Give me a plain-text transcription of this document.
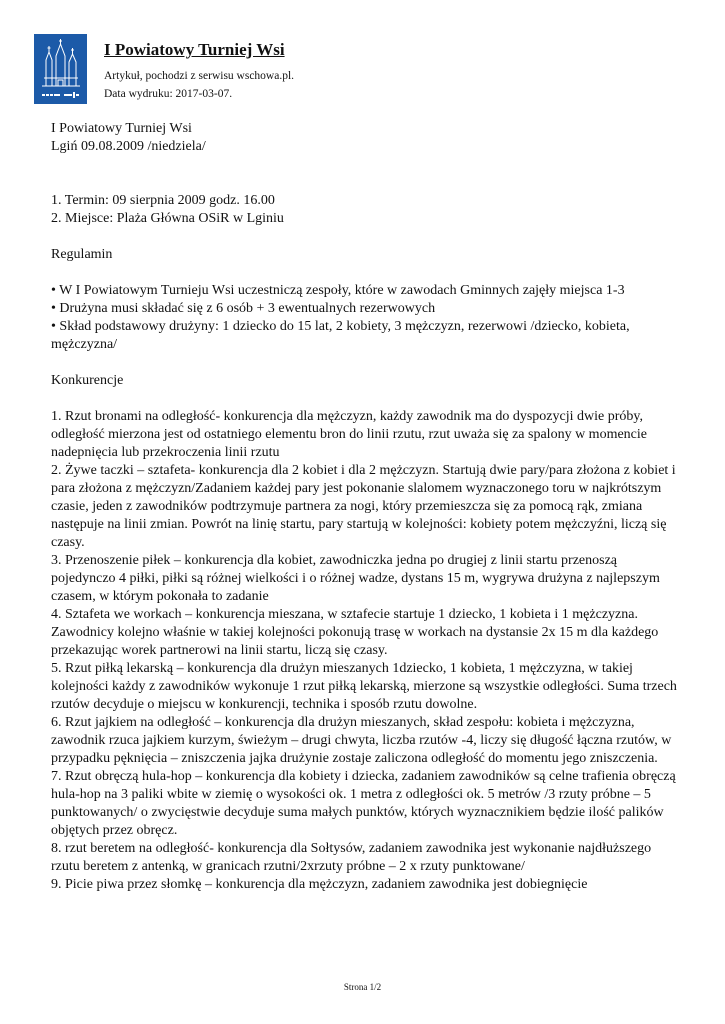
I Powiatowy Turniej Wsi
Artykuł, pochodzi z serwisu wschowa.pl.
Data wydruku: 2017-03-07.

I Powiatowy Turniej Wsi

Lgiń 09.08.2009 /niedziela/

1. Termin: 09 sierpnia 2009 godz. 16.00

2. Miejsce: Plaża Główna OSiR w Lginiu

Regulamin

• W I Powiatowym Turnieju Wsi uczestniczą zespoły, które w zawodach Gminnych zajęły miejsca 1-3

• Drużyna musi składać się z 6 osób + 3 ewentualnych rezerwowych

• Skład podstawowy drużyny: 1 dziecko do 15 lat, 2 kobiety, 3 mężczyzn, rezerwowi /dziecko, kobieta, mężczyzna/

Konkurencje

1. Rzut bronami na odległość- konkurencja dla mężczyzn, każdy zawodnik ma do dyspozycji dwie próby, odległość mierzona jest od ostatniego elementu bron do linii rzutu, rzut uważa się za spalony w momencie nadepnięcia lub przekroczenia linii rzutu

2. Żywe taczki – sztafeta- konkurencja dla 2 kobiet i dla 2 mężczyzn. Startują dwie pary/para złożona z kobiet i para złożona z mężczyzn/Zadaniem każdej pary jest pokonanie slalomem wyznaczonego toru w najkrótszym czasie, jeden z zawodników podtrzymuje partnera za nogi, który przemieszcza się za pomocą rąk, zmiana następuje na linii zmian. Powrót na linię startu, pary startują w kolejności: kobiety potem mężczyźni, liczą się czasy.

3. Przenoszenie piłek – konkurencja dla kobiet, zawodniczka jedna po drugiej z linii startu przenoszą pojedynczo 4 piłki, piłki są różnej wielkości i o różnej wadze, dystans 15 m, wygrywa drużyna z najlepszym czasem, w którym pokonała to zadanie

4. Sztafeta we workach – konkurencja mieszana, w sztafecie startuje 1 dziecko, 1 kobieta i 1 mężczyzna. Zawodnicy kolejno właśnie w takiej kolejności pokonują trasę w workach na dystansie 2x 15 m dla każdego przekazując worek partnerowi na linii startu, liczą się czasy.

5. Rzut piłką lekarską – konkurencja dla drużyn mieszanych 1dziecko, 1 kobieta, 1 mężczyzna, w takiej kolejności każdy z zawodników wykonuje 1 rzut piłką lekarską, mierzone są wszystkie odległości. Suma trzech rzutów decyduje o miejscu w konkurencji, technika i sposób rzutu dowolne.

6. Rzut jajkiem na odległość – konkurencja dla drużyn mieszanych, skład zespołu: kobieta i mężczyzna, zawodnik rzuca jajkiem kurzym, świeżym – drugi chwyta, liczba rzutów -4, liczy się długość łączna rzutów, w przypadku pęknięcia – zniszczenia jajka drużynie zostaje zaliczona odległość do momentu jego zniszczenia.

7. Rzut obręczą hula-hop – konkurencja dla kobiety i dziecka, zadaniem zawodników są celne trafienia obręczą hula-hop na 3 paliki wbite w ziemię o wysokości ok. 1 metra z odległości ok. 5 metrów /3 rzuty próbne – 5 punktowanych/ o zwycięstwie decyduje suma małych punktów, których wyznacznikiem będzie ilość palików objętych przez obręcz.

8. rzut beretem na odległość- konkurencja dla Sołtysów, zadaniem zawodnika jest wykonanie najdłuższego rzutu beretem z antenką, w granicach rzutni/2xrzuty próbne – 2 x rzuty punktowane/

9. Picie piwa przez słomkę – konkurencja dla mężczyzn, zadaniem zawodnika jest dobiegnięcie

Strona 1/2
